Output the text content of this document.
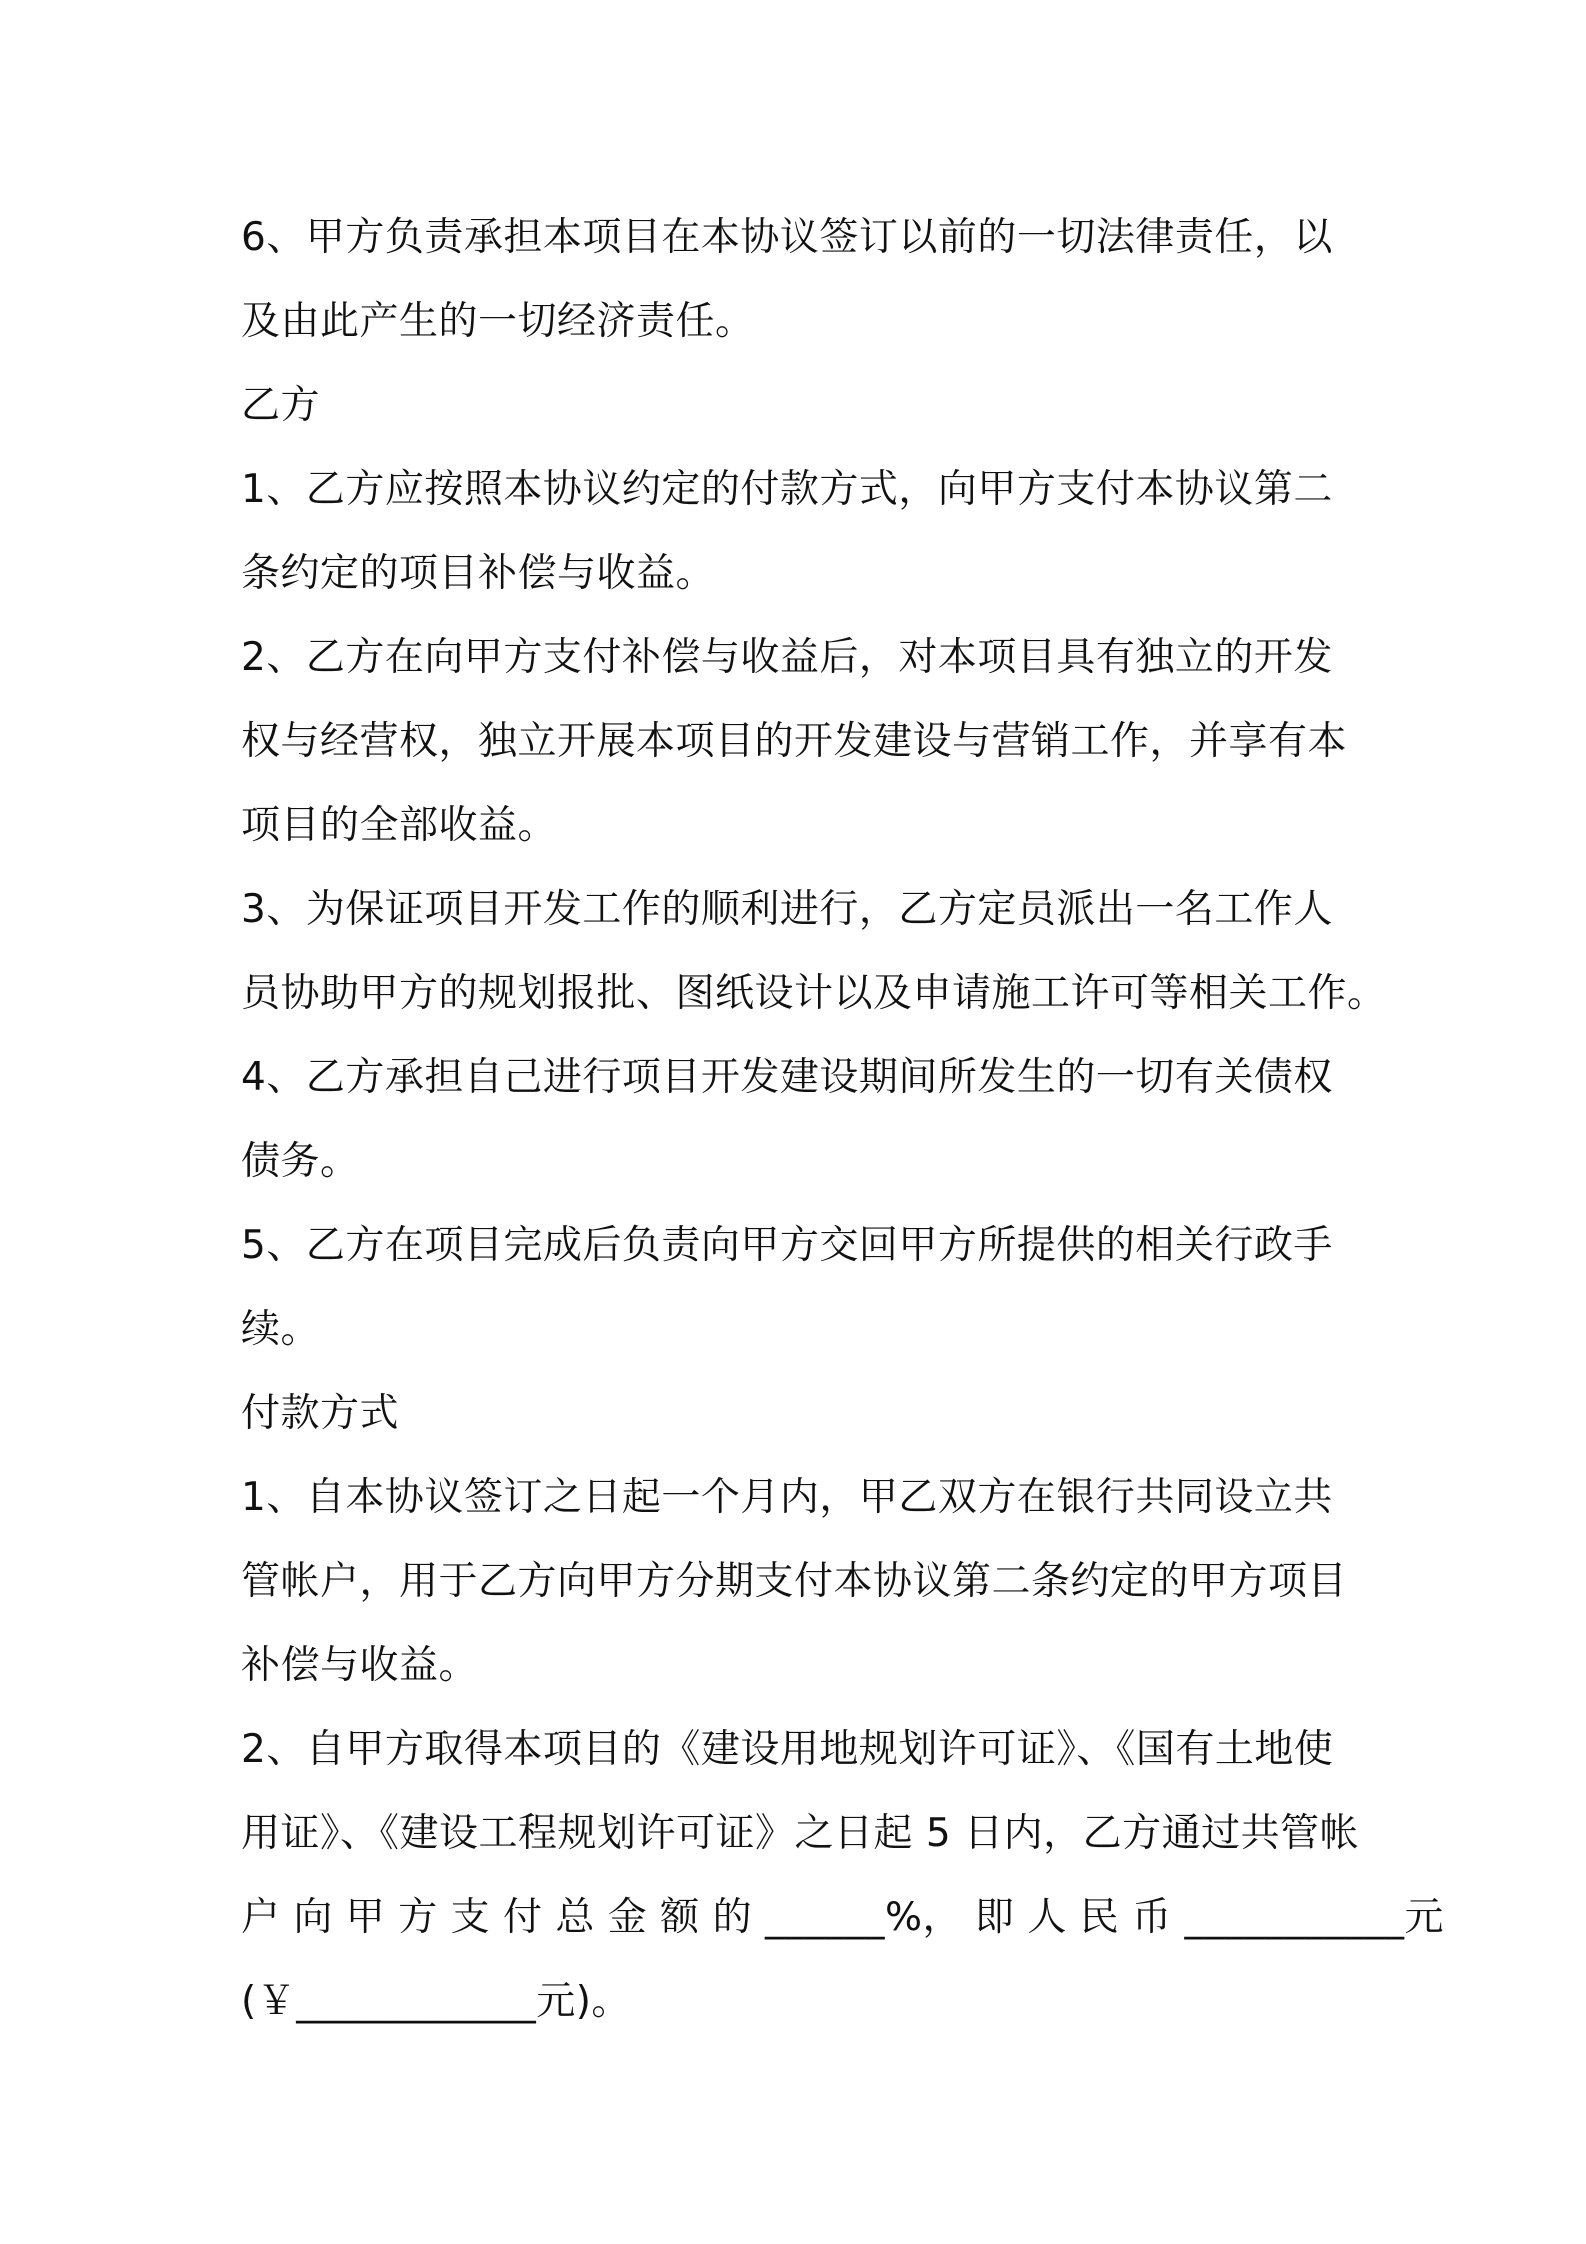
6、甲方负责承担本项目在本协议签订以前的一切法律责任，以
及由此产生的一切经济责任。
乙方
1、乙方应按照本协议约定的付款方式，向甲方支付本协议第二
条约定的项目补偿与收益。
2、乙方在向甲方支付补偿与收益后，对本项目具有独立的开发
权与经营权，独立开展本项目的开发建设与营销工作，并享有本
项目的全部收益。
3、为保证项目开发工作的顺利进行，乙方定员派出一名工作人
员协助甲方的规划报批、图纸设计以及申请施工许可等相关工作。
4、乙方承担自己进行项目开发建设期间所发生的一切有关债权
债务。
5、乙方在项目完成后负责向甲方交回甲方所提供的相关行政手
续。
付款方式
1、自本协议签订之日起一个月内，甲乙双方在银行共同设立共
管帐户，用于乙方向甲方分期支付本协议第二条约定的甲方项目
补偿与收益。
2、自甲方取得本项目的《建设用地规划许可证》、《国有土地使
用证》、《建设工程规划许可证》之日起 5 日内，乙方通过共管帐
户 向 甲 方 支 付 总 金 额 的 ______%， 即 人 民 币 ___________元
(￥____________元)。
